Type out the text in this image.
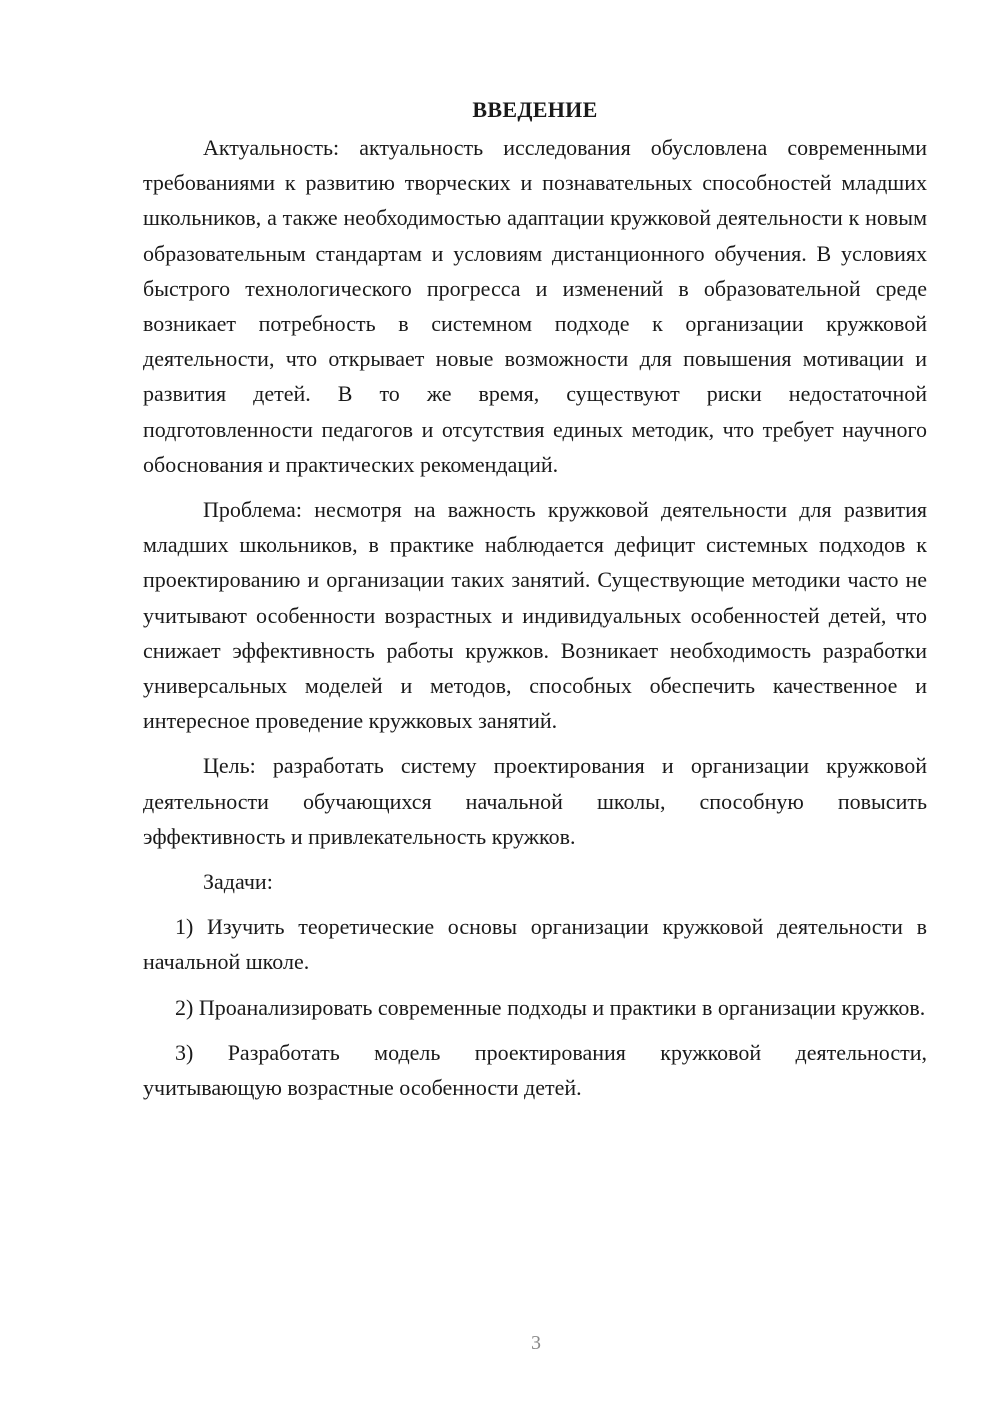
ВВЕДЕНИЕ

Актуальность: актуальность исследования обусловлена современными требованиями к развитию творческих и познавательных способностей младших школьников, а также необходимостью адаптации кружковой деятельности к новым образовательным стандартам и условиям дистанционного обучения. В условиях быстрого технологического прогресса и изменений в образовательной среде возникает потребность в системном подходе к организации кружковой деятельности, что открывает новые возможности для повышения мотивации и развития детей. В то же время, существуют риски недостаточной подготовленности педагогов и отсутствия единых методик, что требует научного обоснования и практических рекомендаций.

Проблема: несмотря на важность кружковой деятельности для развития младших школьников, в практике наблюдается дефицит системных подходов к проектированию и организации таких занятий. Существующие методики часто не учитывают особенности возрастных и индивидуальных особенностей детей, что снижает эффективность работы кружков. Возникает необходимость разработки универсальных моделей и методов, способных обеспечить качественное и интересное проведение кружковых занятий.

Цель: разработать систему проектирования и организации кружковой деятельности обучающихся начальной школы, способную повысить эффективность и привлекательность кружков.

Задачи:

1) Изучить теоретические основы организации кружковой деятельности в начальной школе.

2) Проанализировать современные подходы и практики в организации кружков.

3) Разработать модель проектирования кружковой деятельности, учитывающую возрастные особенности детей.

3
